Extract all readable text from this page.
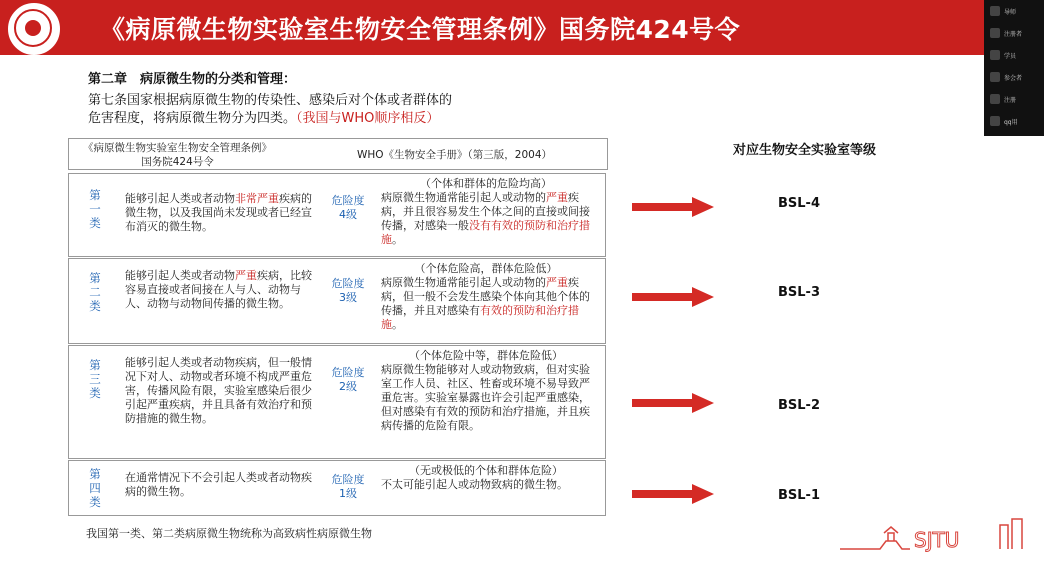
《病原微生物实验室生物安全管理条例》国务院424号令
导师
注册者
学员
参会者
注册
qq用
第二章　病原微生物的分类和管理：
第七条国家根据病原微生物的传染性、感染后对个体或者群体的
危害程度，将病原微生物分为四类。（我国与WHO顺序相反）
《病原微生物实验室生物安全管理条例》
国务院424号令
WHO《生物安全手册》（第三版，2004）
第
一
类
能够引起人类或者动物非常严重疾病的微生物，以及我国尚未发现或者已经宣布消灭的微生物。
危险度
4级
（个体和群体的危险均高）
病原微生物通常能引起人或动物的严重疾病，并且很容易发生个体之间的直接或间接传播，对感染一般没有有效的预防和治疗措施。
第
二
类
能够引起人类或者动物严重疾病，比较容易直接或者间接在人与人、动物与人、动物与动物间传播的微生物。
危险度
3级
（个体危险高，群体危险低）
病原微生物通常能引起人或动物的严重疾病，但一般不会发生感染个体向其他个体的传播，并且对感染有有效的预防和治疗措施。
第
三
类
能够引起人类或者动物疾病，但一般情况下对人、动物或者环境不构成严重危害，传播风险有限，实验室感染后很少引起严重疾病，并且具备有效治疗和预防措施的微生物。
危险度
2级
（个体危险中等，群体危险低）
病原微生物能够对人或动物致病，但对实验室工作人员、社区、牲畜或环境不易导致严重危害。实验室暴露也许会引起严重感染，但对感染有有效的预防和治疗措施，并且疾病传播的危险有限。
第
四
类
在通常情况下不会引起人类或者动物疾病的微生物。
危险度
1级
（无或极低的个体和群体危险）
不太可能引起人或动物致病的微生物。
对应生物安全实验室等级
BSL-4
BSL-3
BSL-2
BSL-1
我国第一类、第二类病原微生物统称为高致病性病原微生物	SJTU
